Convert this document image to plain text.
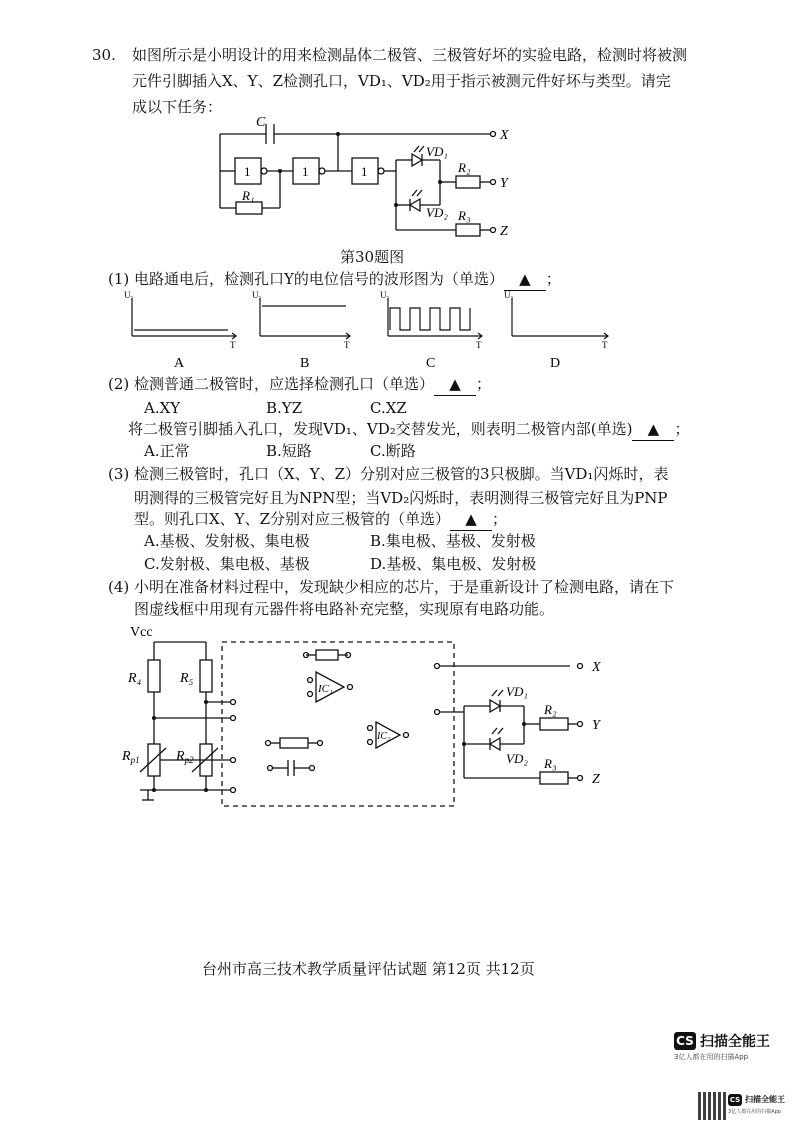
30. 如图所示是小明设计的用来检测晶体二极管、三极管好坏的实验电路，检测时将被测
元件引脚插入X、Y、Z检测孔口，VD₁、VD₂用于指示被测元件好坏与类型。请完
成以下任务：
1	1	1
C
R₁
VD₁
VD₂
R₂
R₃
X
Y
Z
第30题图
(1) 电路通电后，检测孔口Y的电位信号的波形图为（单选） ▲ ；
U₁	U₁	U₁	U₁
T	T	T	T
A	B	C	D
(2) 检测普通二极管时，应选择检测孔口（单选） ▲ ；
A.XY	B.YZ	C.XZ
将二极管引脚插入孔口，发现VD₁、VD₂交替发光，则表明二极管内部(单选) ▲ ；
A.正常	B.短路	C.断路
(3) 检测三极管时，孔口（X、Y、Z）分别对应三极管的3只极脚。当VD₁闪烁时，表
明测得的三极管完好且为NPN型；当VD₂闪烁时，表明测得三极管完好且为PNP
型。则孔口X、Y、Z分别对应三极管的（单选） ▲ ；
A.基极、发射极、集电极	B.集电极、基极、发射极
C.发射极、集电极、基极	D.基极、集电极、发射极
(4) 小明在准备材料过程中，发现缺少相应的芯片，于是重新设计了检测电路，请在下
图虚线框中用现有元器件将电路补充完整，实现原有电路功能。
Vcc
R₄	R₅
$R_{p1}$	$R_{p2}$
IC₁
IC₂
VD₁
VD₂
R₂
R₃
X
Y
Z
台州市高三技术教学质量评估试题 第12页 共12页
CS 扫描全能王
3亿人都在用的扫描App
CS 扫描全能王
3亿人都在用的扫描App
